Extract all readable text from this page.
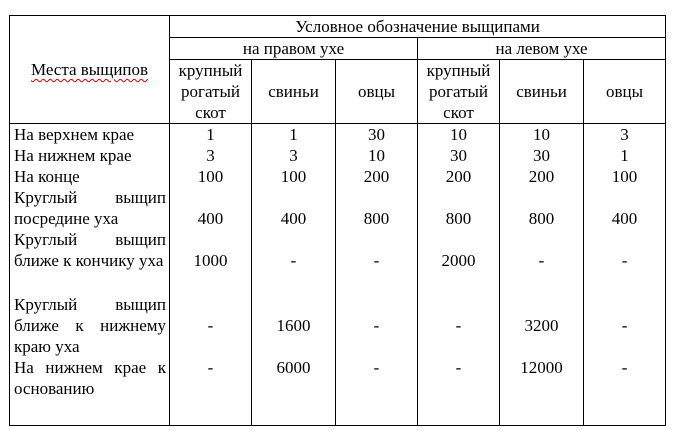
Места выщипов	Условное обозначение выщипами					
	на правом ухе			на левом ухе		
	крупный
рогатый
скот	свиньи	овцы	крупный
рогатый
скот	свиньи	овцы
На верхнем крае	1	1	30	10	10	3
На нижнем крае	3	3	10	30	30	1
На конце	100	100	200	200	200	100
Круглый выщип посредине уха	400	400	800	800	800	400
Круглый выщип ближе к кончику уха	1000	-	-	2000	-	-
Круглый выщип ближе к нижнему краю уха	-	1600	-	-	3200	-
На нижнем крае к основанию	-	6000	-	-	12000	-
